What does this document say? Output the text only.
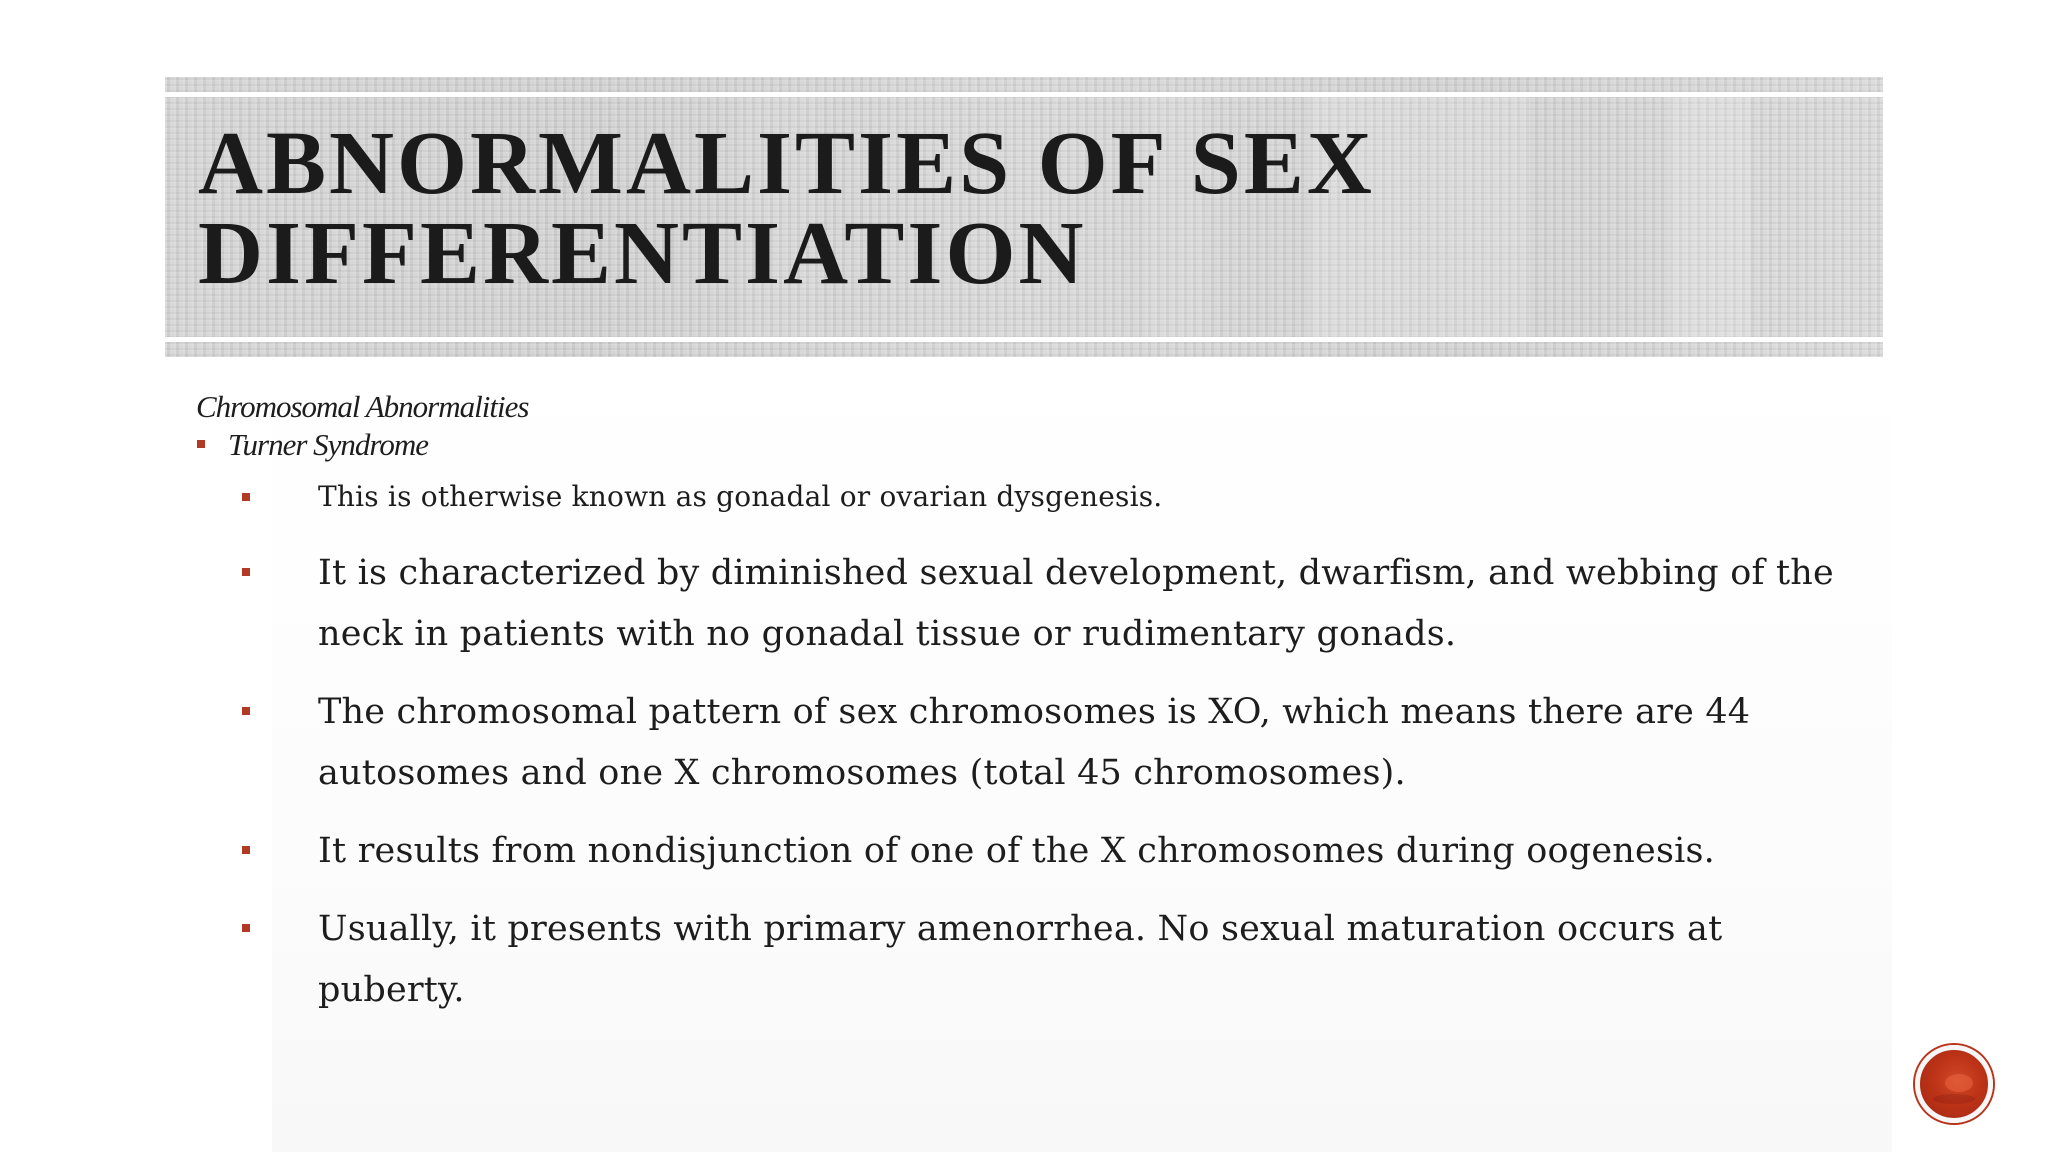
ABNORMALITIES OF SEX
DIFFERENTIATION
Chromosomal Abnormalities
Turner Syndrome

This is otherwise known as gonadal or ovarian dysgenesis.

It is characterized by diminished sexual development, dwarfism, and webbing of the neck in patients with no gonadal tissue or rudimentary gonads.

The chromosomal pattern of sex chromosomes is XO, which means there are 44 autosomes and one X chromosomes (total 45 chromosomes).

It results from nondisjunction of one of the X chromosomes during oogenesis.

Usually, it presents with primary amenorrhea. No sexual maturation occurs at puberty.
